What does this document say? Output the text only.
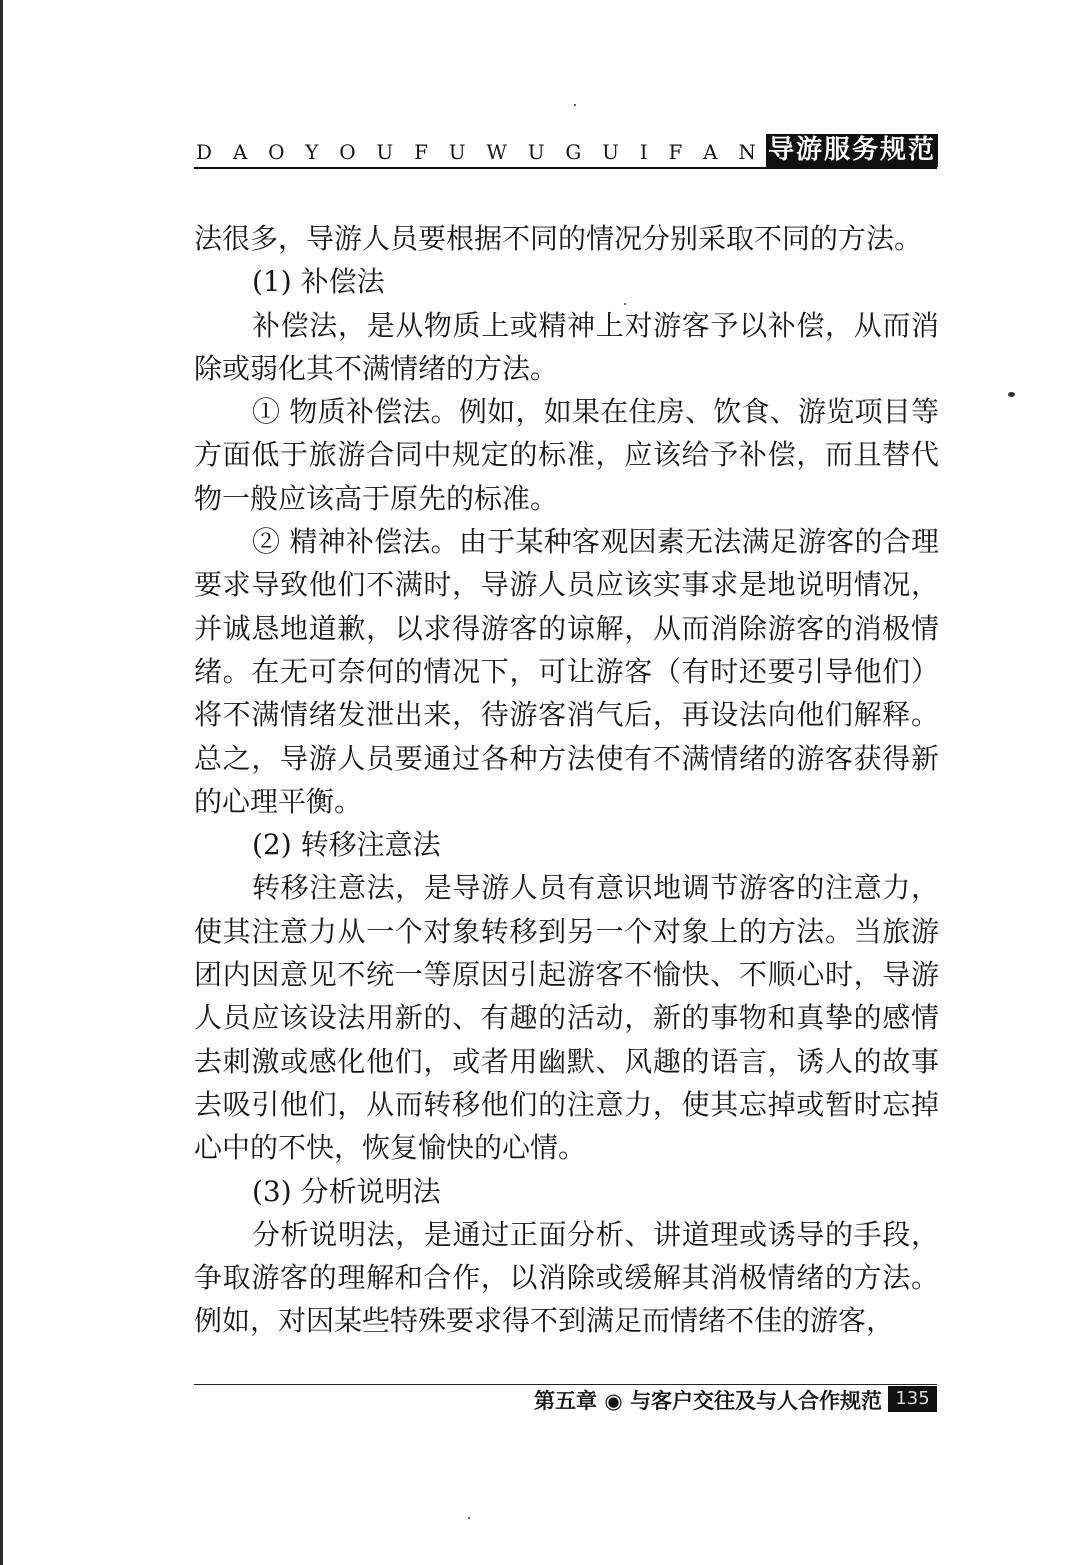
D A O Y O U F U W U G U I F A N 导游服务规范

法很多，导游人员要根据不同的情况分别采取不同的方法。

(1) 补偿法

补偿法，是从物质上或精神上对游客予以补偿，从而消除或弱化其不满情绪的方法。

① 物质补偿法。例如，如果在住房、饮食、游览项目等方面低于旅游合同中规定的标准，应该给予补偿，而且替代物一般应该高于原先的标准。

② 精神补偿法。由于某种客观因素无法满足游客的合理要求导致他们不满时，导游人员应该实事求是地说明情况，并诚恳地道歉，以求得游客的谅解，从而消除游客的消极情绪。在无可奈何的情况下，可让游客（有时还要引导他们）将不满情绪发泄出来，待游客消气后，再设法向他们解释。总之，导游人员要通过各种方法使有不满情绪的游客获得新的心理平衡。

(2) 转移注意法

转移注意法，是导游人员有意识地调节游客的注意力，使其注意力从一个对象转移到另一个对象上的方法。当旅游团内因意见不统一等原因引起游客不愉快、不顺心时，导游人员应该设法用新的、有趣的活动，新的事物和真挚的感情去刺激或感化他们，或者用幽默、风趣的语言，诱人的故事去吸引他们，从而转移他们的注意力，使其忘掉或暂时忘掉心中的不快，恢复愉快的心情。

(3) 分析说明法

分析说明法，是通过正面分析、讲道理或诱导的手段，争取游客的理解和合作，以消除或缓解其消极情绪的方法。例如，对因某些特殊要求得不到满足而情绪不佳的游客，

第五章 ◉ 与客户交往及与人合作规范 135
